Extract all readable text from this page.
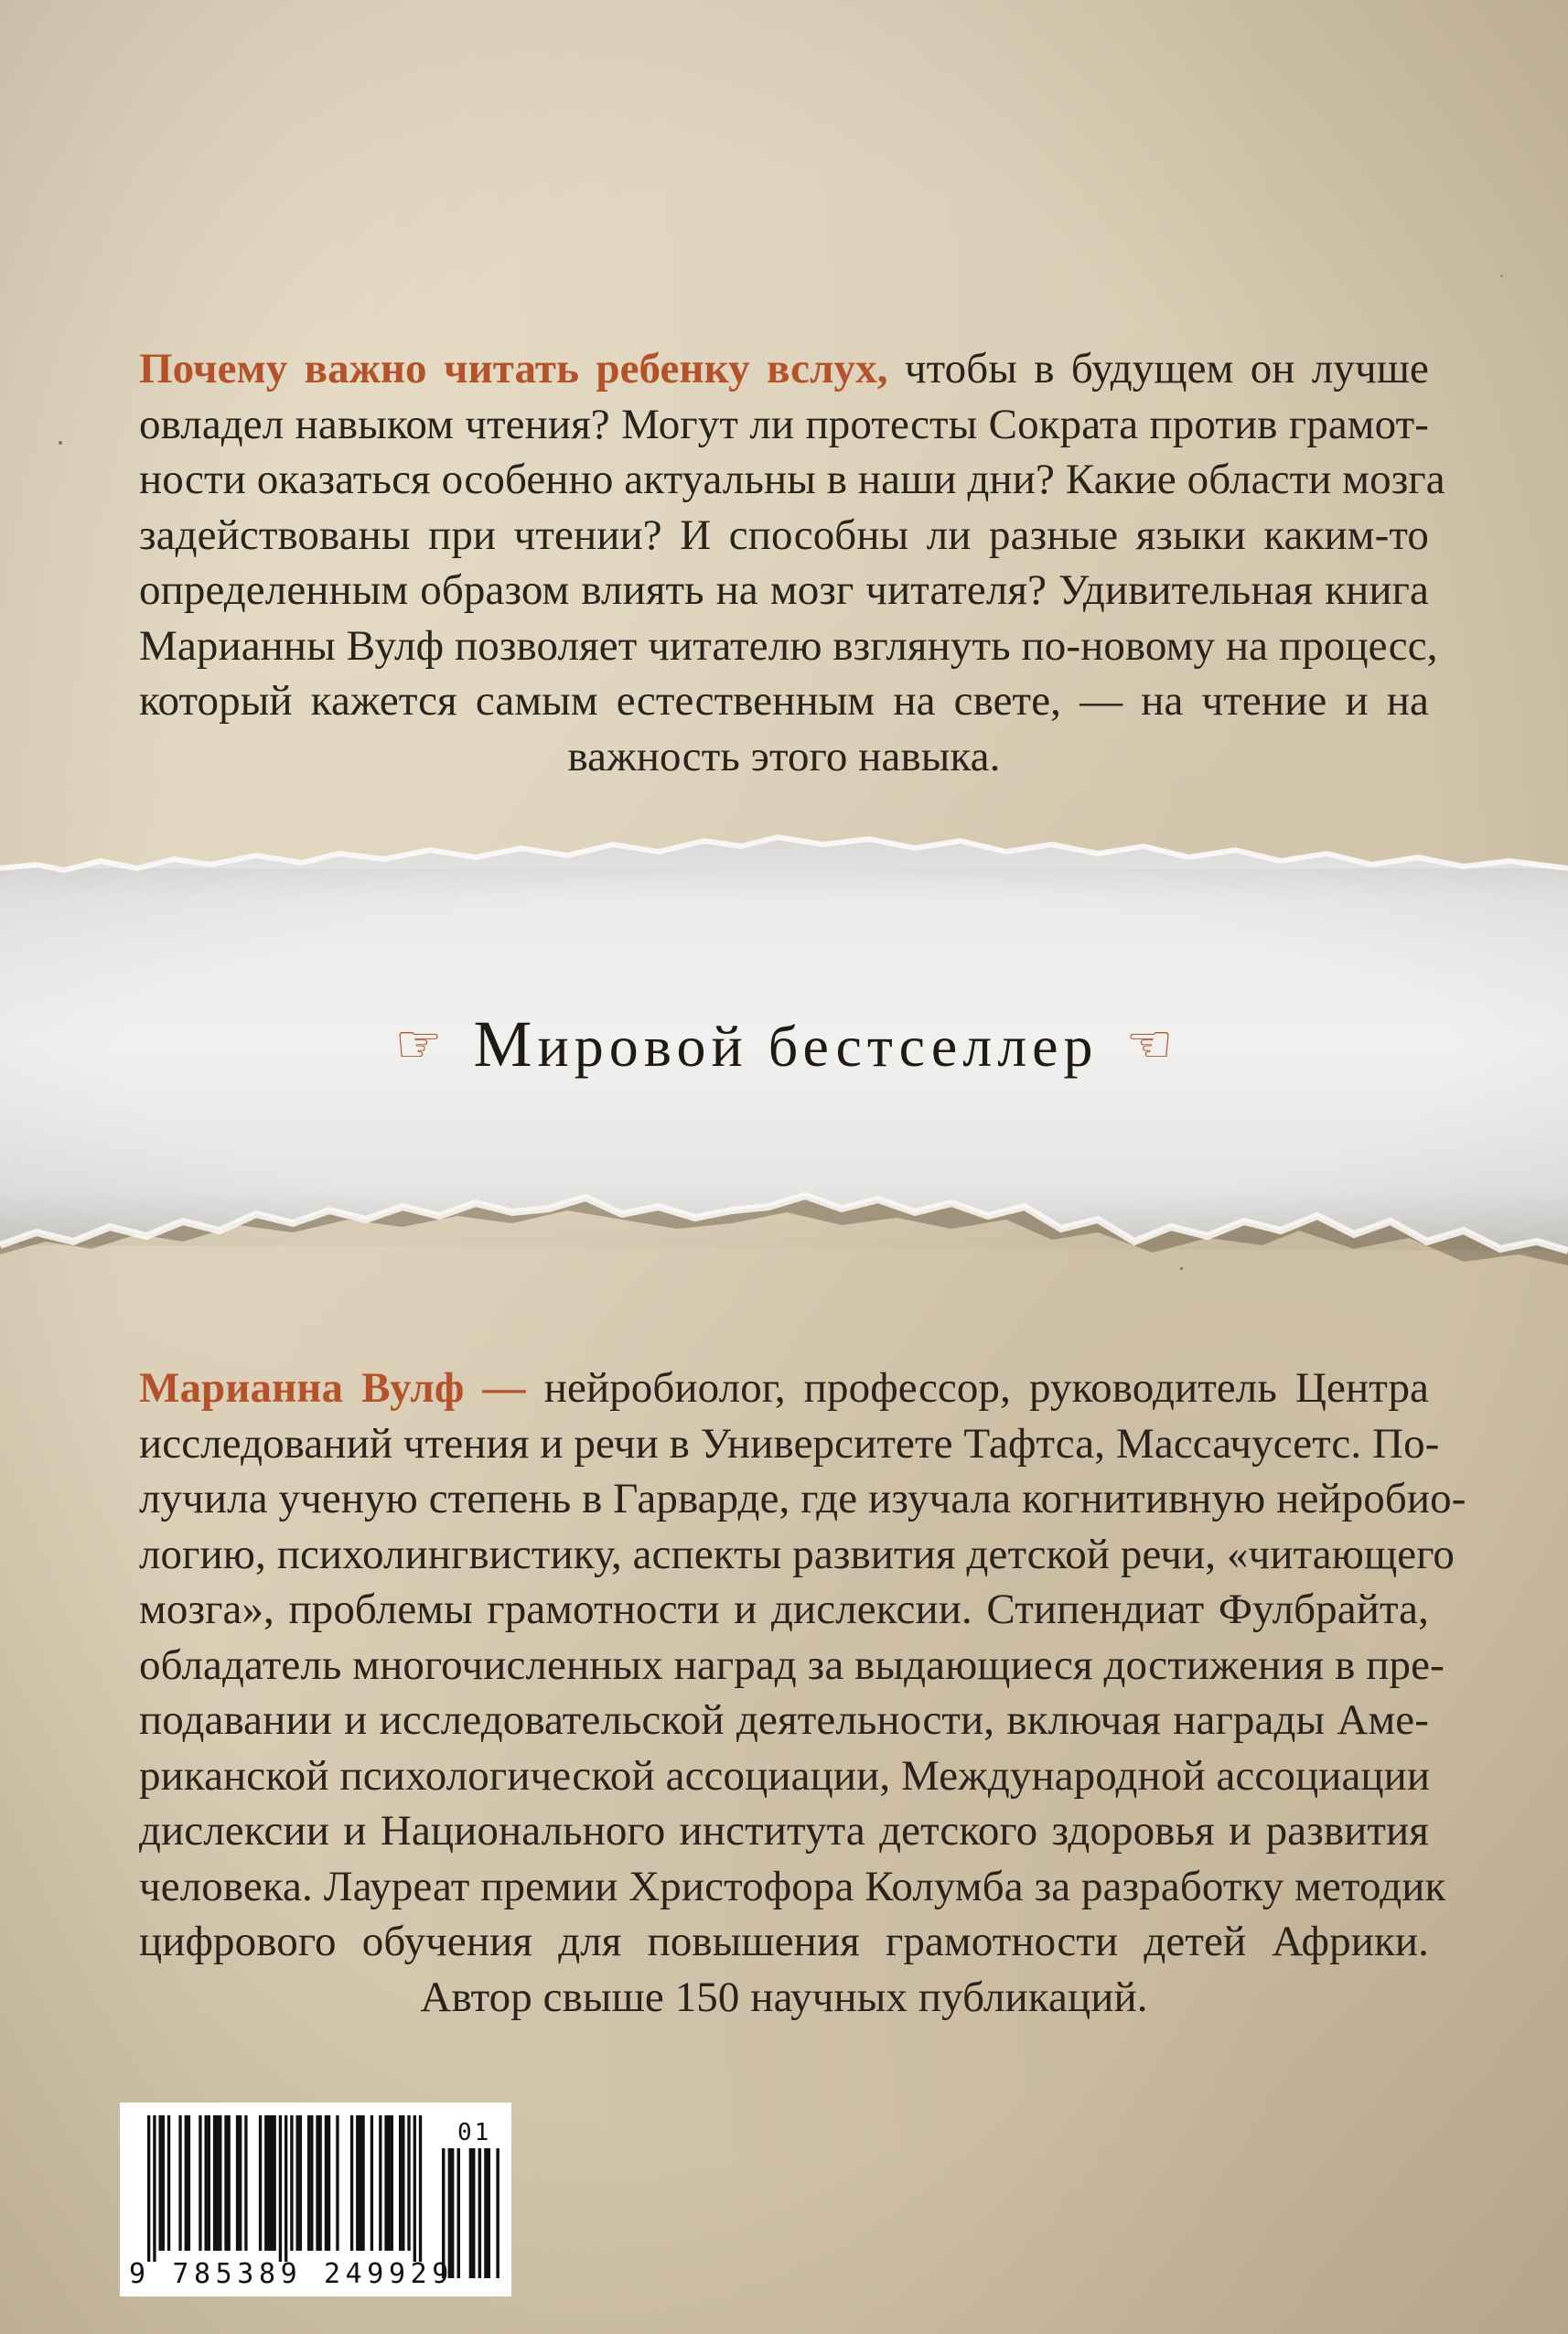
Почему важно читать ребенку вслух, чтобы в будущем он лучше
овладел навыком чтения? Могут ли протесты Сократа против грамот-
ности оказаться особенно актуальны в наши дни? Какие области мозга
задействованы при чтении? И способны ли разные языки каким-то
определенным образом влиять на мозг читателя? Удивительная книга
Марианны Вулф позволяет читателю взглянуть по-новому на процесс,
который кажется самым естественным на свете, — на чтение и на
важность этого навыка.
☞ Мировой бестселлер ☜
Марианна Вулф — нейробиолог, профессор, руководитель Центра
исследований чтения и речи в Университете Тафтса, Массачусетс. По-
лучила ученую степень в Гарварде, где изучала когнитивную нейробио-
логию, психолингвистику, аспекты развития детской речи, «читающего
мозга», проблемы грамотности и дислексии. Стипендиат Фулбрайта,
обладатель многочисленных наград за выдающиеся достижения в пре-
подавании и исследовательской деятельности, включая награды Аме-
риканской психологической ассоциации, Международной ассоциации
дислексии и Национального института детского здоровья и развития
человека. Лауреат премии Христофора Колумба за разработку методик
цифрового обучения для повышения грамотности детей Африки.
Автор свыше 150 научных публикаций.
9 785389 249929
01
